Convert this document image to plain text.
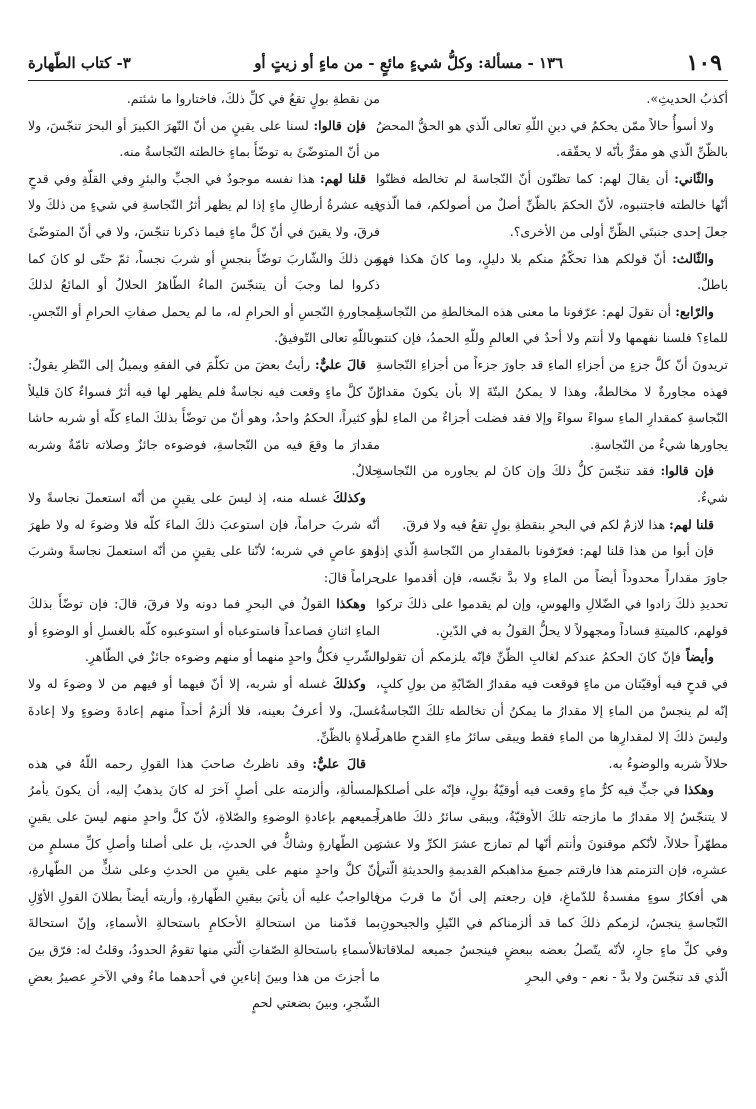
١٠٩
١٣٦ - مسألة: وكلُّ شيءٍ مائعٍ - من ماءٍ أو زيتٍ أو
٣- كتاب الطّهارة

أكذبُ الحديثِ».

ولا أسوأُ حالاً ممّن يحكمُ في دينِ اللّهِ تعالى الّذي هو الحقُّ المحضُ بالظّنِّ الّذي هو مقرٌّ بأنّه لا يحقّقه.

والثّاني: أن يقالَ لهم: كما تظنّون أنّ النّجاسةَ لم تخالطه فظنّوا أنّها خالطته فاجتنبوه، لأنّ الحكمَ بالظّنِّ أصلٌ من أصولكم، فما الّذي جعلَ إحدى جنبتَي الظّنِّ أولى من الأخرى؟.

والثّالث: أنّ قولكم هذا تحكّمٌ منكم بلا دليلٍ، وما كانَ هكذا فهوَ باطلٌ.

والرّابع: أن نقولَ لهم: عرّفونا ما معنى هذه المخالطةِ من النّجاسةِ للماءِ؟ فلسنا نفهمها ولا أنتم ولا أحدٌ في العالمِ وللّهِ الحمدُ، فإن كنتم تريدونَ أنّ كلَّ جزءٍ من أجزاءِ الماءِ قد جاورَ جزءاً من أجزاءِ النّجاسةِ فهذه مجاورةٌ لا مخالطةٌ، وهذا لا يمكنُ البتّةَ إلا بأن يكونَ مقدارُ النّجاسةِ كمقدارِ الماءِ سواءً سواءً وإلا فقد فضلت أجزاءٌ من الماءِ لم يجاورها شيءٌ من النّجاسةِ.

فإن قالوا: فقد تنجّسَ كلُّ ذلكَ وإن كانَ لم يجاوره من النّجاسةِ شيءٌ.

قلنا لهم: هذا لازمٌ لكم في البحرِ بنقطةِ بولٍ تقعُ فيه ولا فرقَ.

فإن أبوا من هذا قلنا لهم: فعرّفونا بالمقدارِ من النّجاسةِ الّذي إذا جاورَ مقداراً محدوداً أيضاً من الماءِ ولا بدَّ نجّسه، فإن أقدموا على تحديدِ ذلكَ زادوا في الضّلالِ والهوسِ، وإن لم يقدموا على ذلكَ تركوا قولهم، كالميتةِ فساداً ومجهولاً لا يحلُّ القولُ به في الدّينِ.

وأيضاً فإنّ كانَ الحكمُ عندكم لغالبِ الظّنِّ فإنّه يلزمكم أن تقولوا في قدحٍ فيه أوقيّتان من ماءٍ فوقعت فيه مقدارُ الصّابّةِ من بولِ كلبٍ، إنّه لم ينجسْ من الماءِ إلا مقدارُ ما يمكنُ أن تخالطه تلكَ النّجاسةُ، وليسَ ذلكَ إلا لمقدارِها من الماءِ فقط ويبقى سائرُ ماءِ القدحِ طاهراً حلالاً شربه والوضوءُ به.

وهكذا في جبٍّ فيه كرُّ ماءٍ وقعت فيه أوقيّةُ بولٍ، فإنّه على أصلكم لا يتنجّسُ إلا مقدارُ ما مازجته تلكَ الأوقيّةُ، ويبقى سائرُ ذلكَ طاهراً مطهّراً حلالاً، لأنّكم موقنونَ وأنتم أنّها لم تمازج عشرَ الكرِّ ولا عشرَ عشرِه، فإن التزمتم هذا فارقتم جميعَ مذاهبكم القديمةِ والحديثةِ الّتي هي أفكارُ سوءٍ مفسدةٌ للدّماغِ، فإن رجعتم إلى أنّ ما قربَ من النّجاسةِ ينجسُ، لزمكم ذلكَ كما قد ألزمناكم في النّيلِ والجيحونِ، وفي كلِّ ماءٍ جارٍ، لأنّه يتّصلُ بعضه ببعضٍ فينجسُ جميعه لملاقاته الّذي قد تنجّسَ ولا بدَّ - نعم - وفي البحرِ

من نقطةِ بولٍ تقعُ في كلِّ ذلكَ، فاختاروا ما شئتم.

فإن قالوا: لسنا على يقينٍ من أنّ النّهرَ الكبيرَ أو البحرَ تنجّسَ، ولا من أنّ المتوضّئَ به توضّأَ بماءٍ خالطته النّجاسةُ منه.

قلنا لهم: هذا نفسه موجودٌ في الجبِّ والبئرِ وفي القلّةِ وفي قدحٍ فيه عشرةُ أرطالِ ماءٍ إذا لم يظهر أثرُ النّجاسةِ في شيءٍ من ذلكَ ولا فرقَ، ولا يقينَ في أنّ كلَّ ماءٍ فيما ذكرنا تنجّسَ، ولا في أنّ المتوضّئَ من ذلكَ والشّاربَ توضّأَ بنجسٍ أو شربَ نجساً، ثمّ حتّى لو كانَ كما ذكروا لما وجبَ أن يتنجّسَ الماءُ الطّاهرُ الحلالُ أو المائعُ لذلكَ لمجاورةِ النّجسِ أو الحرامِ له، ما لم يحمل صفاتِ الحرامِ أو النّجسِ. وباللّهِ تعالى التّوفيقُ.

قالَ عليٌّ: رأيتُ بعضَ من تكلّمَ في الفقهِ ويميلُ إلى النّظرِ يقولُ: إنّ كلَّ ماءٍ وقعت فيه نجاسةٌ فلم يظهر لها فيه أثرٌ فسواءٌ كانَ قليلاً أو كثيراً، الحكمُ واحدٌ، وهو أنّ من توضّأَ بذلكَ الماءِ كلّه أو شربه حاشا مقدارَ ما وقعَ فيه من النّجاسةِ، فوضوءه جائزٌ وصلاته تامّةٌ وشربه حلالٌ.

وكذلكَ غسله منه، إذ ليسَ على يقينٍ من أنّه استعملَ نجاسةً ولا أنّه شربَ حراماً، فإن استوعبَ ذلكَ الماءَ كلّه فلا وضوءَ له ولا طهرَ وهوَ عاصٍ في شربه؛ لأنّنا على يقينٍ من أنّه استعملَ نجاسةً وشربَ حراماً قالَ:

وهكذا القولُ في البحرِ فما دونه ولا فرقَ، قالَ: فإن توضّأَ بذلكَ الماءِ اثنانِ فصاعداً فاستوعباه أو استوعبوه كلّه بالغسلِ أو الوضوءِ أو الشّربِ فكلُّ واحدٍ منهما أو منهم وضوءه جائزٌ في الطّاهرِ.

وكذلكَ غسله أو شربه، إلا أنّ فيهما أو فيهم من لا وضوءَ له ولا غسلَ، ولا أعرفُ بعينه، فلا ألزمُ أحداً منهم إعادةَ وضوءٍ ولا إعادةَ صلاةٍ بالظّنِّ.

قالَ عليٌّ: وقد ناظرتُ صاحبَ هذا القولِ رحمه اللّهُ في هذه المسألةِ، وألزمته على أصلٍ آخرَ له كانَ يذهبُ إليه، أن يكونَ يأمرُ جميعهم بإعادةِ الوضوءِ والصّلاةِ، لأنّ كلَّ واحدٍ منهم ليسَ على يقينٍ من الطّهارةِ وشاكٌّ في الحدثِ، بل على أصلنا وأصلِ كلِّ مسلمٍ من أنّ كلَّ واحدٍ منهم على يقينٍ من الحدثِ وعلى شكٍّ من الطّهارةِ، فالواجبُ عليه أن يأتيَ بيقينِ الطّهارةِ، وأريته أيضاً بطلانَ القولِ الأوّلِ بما قدّمنا من استحالةِ الأحكامِ باستحالةِ الأسماءِ، وإنّ استحالةَ الأسماءِ باستحالةِ الصّفاتِ الّتي منها تقومُ الحدودُ، وقلتُ له: فرّق بينَ ما أجزتَ من هذا وبينَ إناءينِ في أحدهما ماءٌ وفي الآخرِ عصيرُ بعضِ الشّجرِ، وبينَ بضعتي لحمٍ
